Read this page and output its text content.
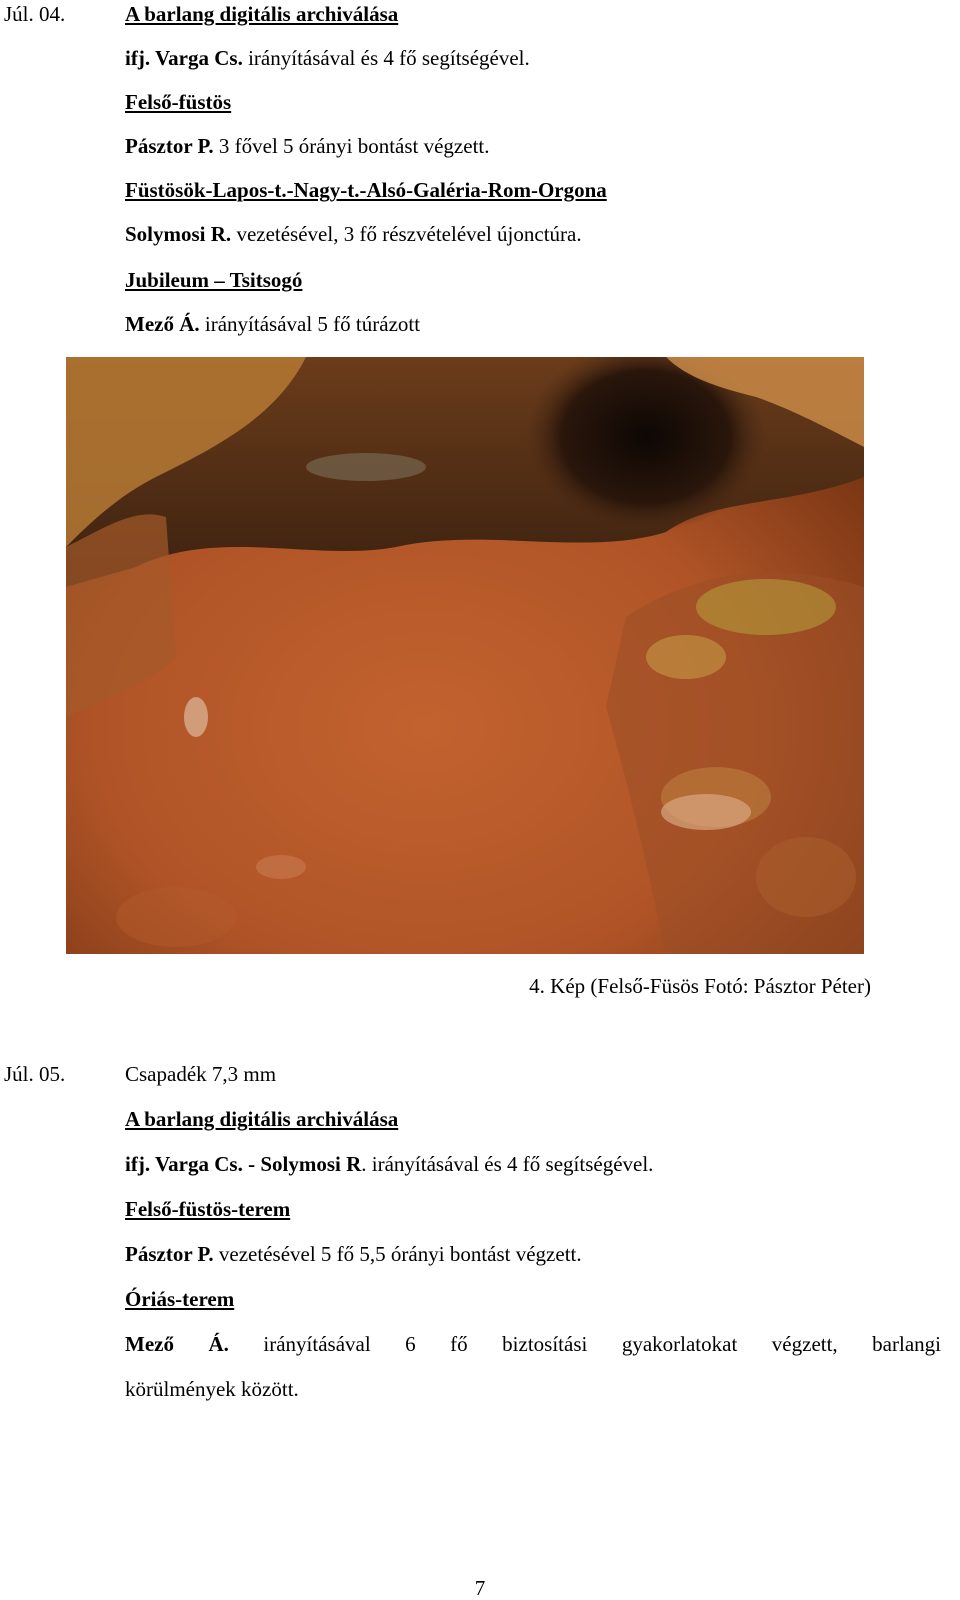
Júl. 04.	A barlang digitális archiválása
ifj. Varga Cs. irányításával és 4 fő segítségével.
Felső-füstös
Pásztor P. 3 fővel 5 órányi bontást végzett.
Füstösök-Lapos-t.-Nagy-t.-Alsó-Galéria-Rom-Orgona
Solymosi R. vezetésével, 3 fő részvételével újonctúra.
Jubileum – Tsitsogó
Mező Á. irányításával 5 fő túrázott
4. Kép (Felső-Füsös Fotó: Pásztor Péter)
Júl. 05.	Csapadék 7,3 mm
A barlang digitális archiválása
ifj. Varga Cs. - Solymosi R. irányításával és 4 fő segítségével.
Felső-füstös-terem
Pásztor P. vezetésével 5 fő 5,5 órányi bontást végzett.
Óriás-terem
Mező Á. irányításával 6 fő biztosítási gyakorlatokat végzett, barlangi
körülmények között.
7
